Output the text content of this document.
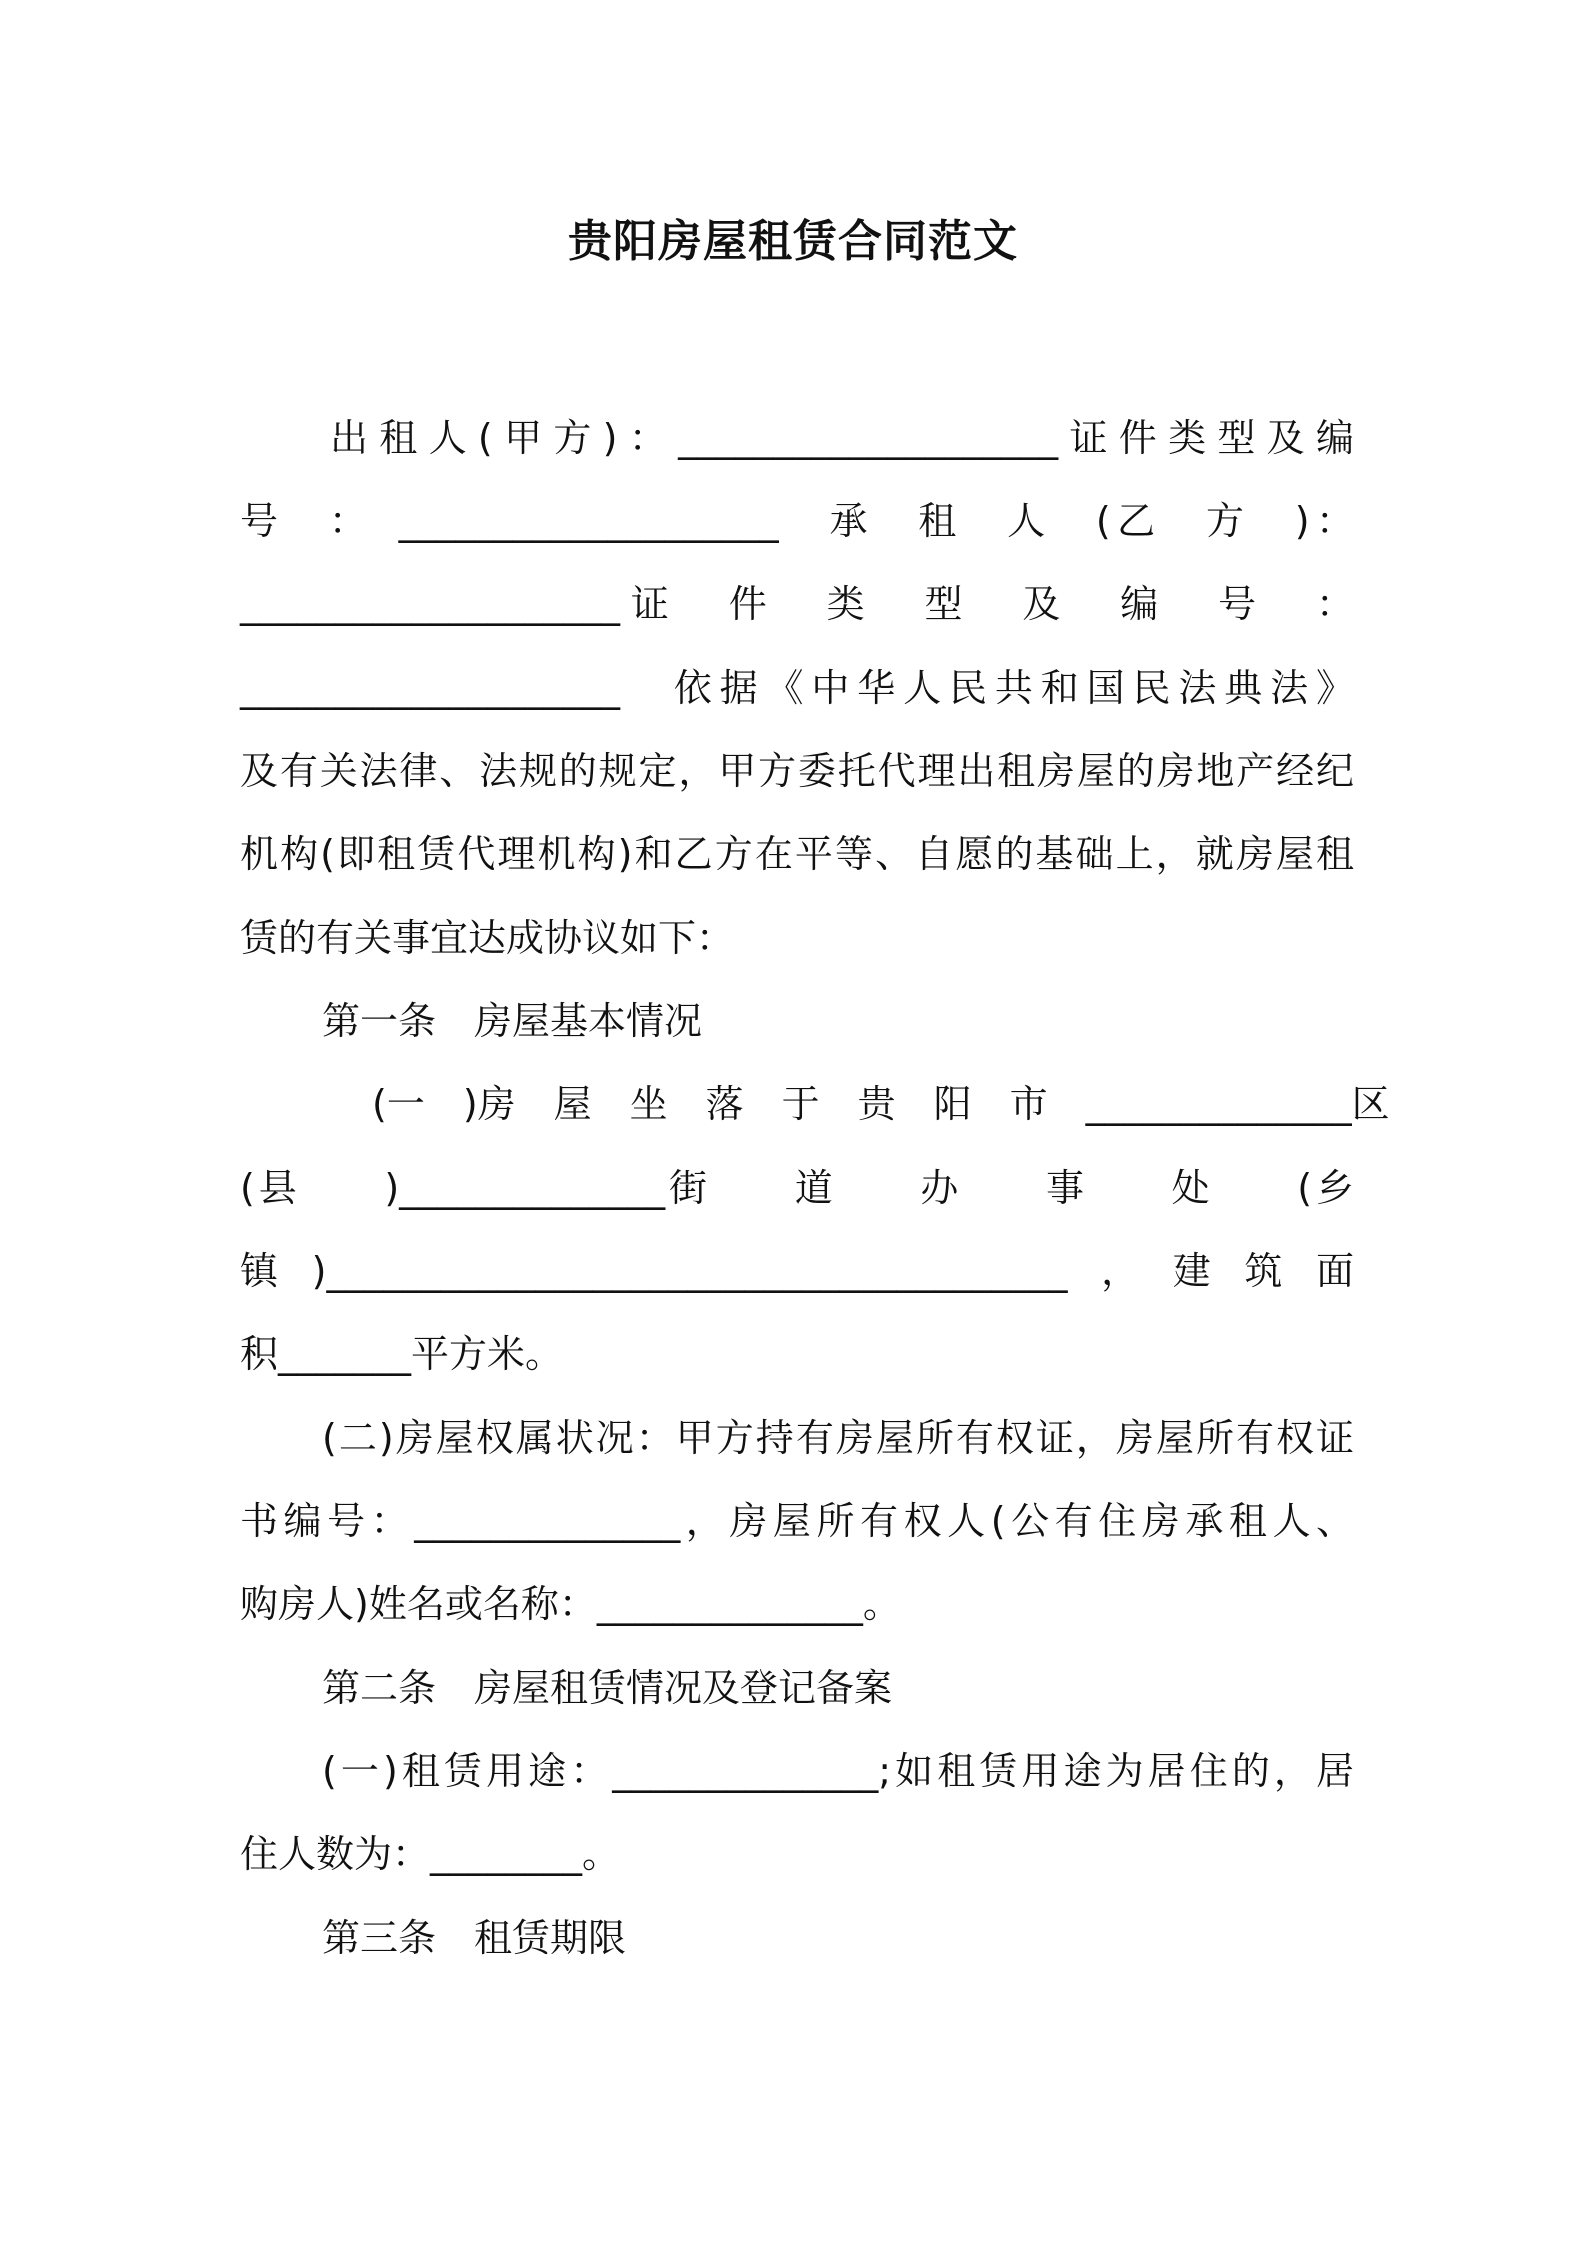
贵阳房屋租赁合同范文
出租人(甲方)：____________________证件类型及编
号　：　____________________　承　租　人　(乙　方　)：
____________________证　件　类　型　及　编　号　：
____________________　依据《中华人民共和国民法典法》
及有关法律、法规的规定，甲方委托代理出租房屋的房地产经纪
机构(即租赁代理机构)和乙方在平等、自愿的基础上，就房屋租
赁的有关事宜达成协议如下：
第一条　房屋基本情况
(一　)房　屋　坐　落　于　贵　阳　市　______________区
(县　　)______________街　　道　　办　　事　　处　　(乡
镇)_______________________________________，建筑面
积_______平方米。
(二)房屋权属状况：甲方持有房屋所有权证，房屋所有权证
书编号：______________，房屋所有权人(公有住房承租人、
购房人)姓名或名称：______________。
第二条　房屋租赁情况及登记备案
(一)租赁用途：______________;如租赁用途为居住的，居
住人数为：________。
第三条　租赁期限
